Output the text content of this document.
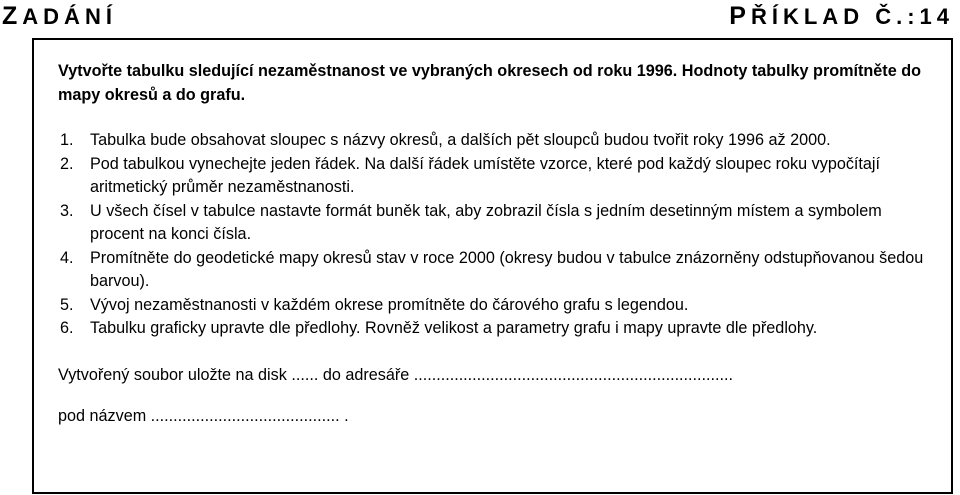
ZADÁNÍ	PŘÍKLAD Č.:14

Vytvořte tabulku sledující nezaměstnanost ve vybraných okresech od roku 1996. Hodnoty tabulky promítněte do mapy okresů a do grafu.

1. Tabulka bude obsahovat sloupec s názvy okresů, a dalších pět sloupců budou tvořit roky 1996 až 2000.
2. Pod tabulkou vynechejte jeden řádek. Na další řádek umístěte vzorce, které pod každý sloupec roku vypočítají aritmetický průměr nezaměstnanosti.
3. U všech čísel v tabulce nastavte formát buněk tak, aby zobrazil čísla s jedním desetinným místem a symbolem procent na konci čísla.
4. Promítněte do geodetické mapy okresů stav v roce 2000 (okresy budou v tabulce znázorněny odstupňovanou šedou barvou).
5. Vývoj nezaměstnanosti v každém okrese promítněte do čárového grafu s legendou.
6. Tabulku graficky upravte dle předlohy. Rovněž velikost a parametry grafu i mapy upravte dle předlohy.
Vytvořený soubor uložte na disk ...... do adresáře .......................................................................
pod názvem .......................................... .
